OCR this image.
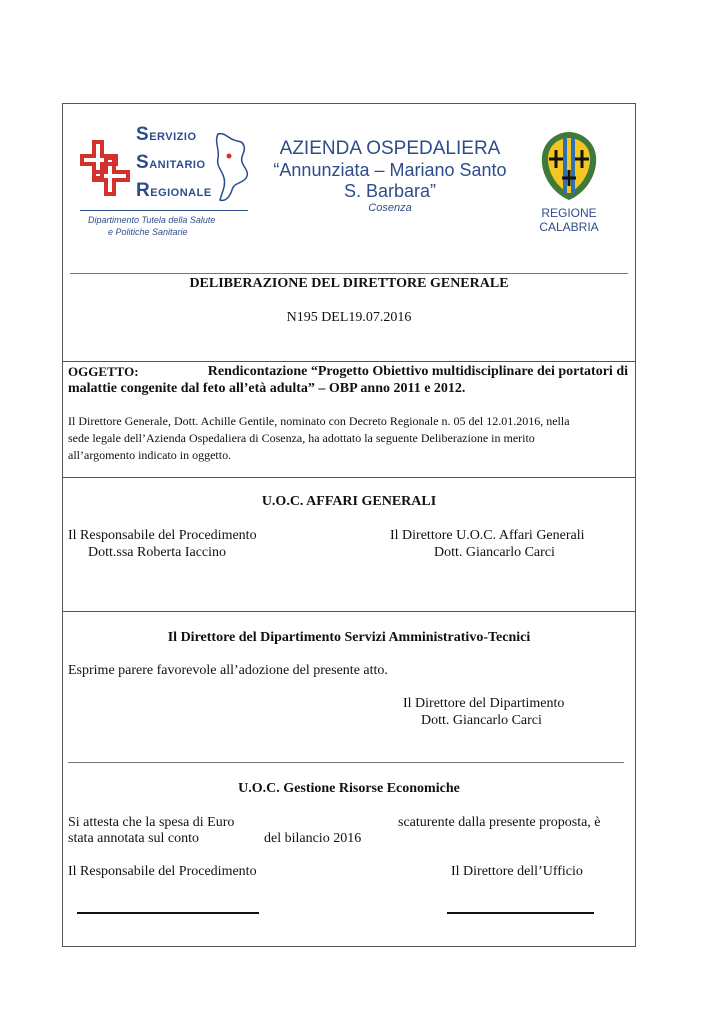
SERVIZIO
SANITARIO
REGIONALE
Dipartimento Tutela della Salute
e Politiche Sanitarie
AZIENDA OSPEDALIERA
“Annunziata – Mariano Santo
S. Barbara”
Cosenza	REGIONE CALABRIA
DELIBERAZIONE DEL DIRETTORE GENERALE
N195 DEL19.07.2016
OGGETTO:	Rendicontazione “Progetto Obiettivo multidisciplinare dei portatori di
malattie congenite dal feto all’età adulta” – OBP anno 2011 e 2012.
Il Direttore Generale, Dott. Achille Gentile, nominato con Decreto Regionale n. 05 del 12.01.2016, nella
sede legale dell’Azienda Ospedaliera di Cosenza, ha adottato la seguente Deliberazione in merito
all’argomento indicato in oggetto.
U.O.C. AFFARI GENERALI
Il Responsabile del Procedimento
Dott.ssa Roberta Iaccino
Il Direttore U.O.C. Affari Generali
Dott. Giancarlo Carci
Il Direttore del Dipartimento Servizi Amministrativo-Tecnici
Esprime parere favorevole all’adozione del presente atto.
Il Direttore del Dipartimento
Dott. Giancarlo Carci
U.O.C. Gestione Risorse Economiche
Si attesta che la spesa di Euro	scaturente dalla presente proposta, è
stata annotata sul conto	del bilancio 2016
Il Responsabile del Procedimento	Il Direttore dell’Ufficio
